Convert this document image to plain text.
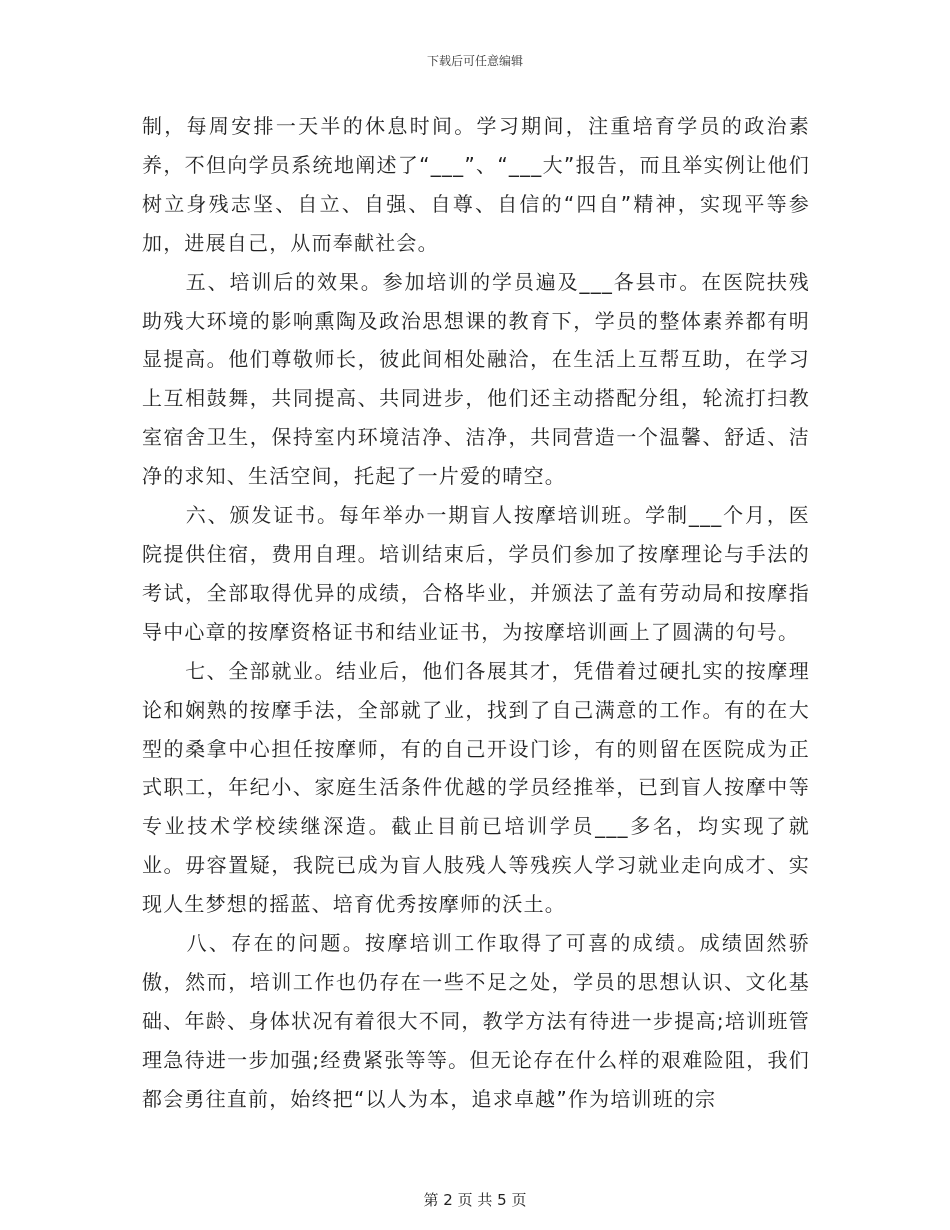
下载后可任意编辑

制，每周安排一天半的休息时间。学习期间，注重培育学员的政治素养，不但向学员系统地阐述了“___”、“___大”报告，而且举实例让他们树立身残志坚、自立、自强、自尊、自信的“四自”精神，实现平等参加，进展自己，从而奉献社会。

　　五、培训后的效果。参加培训的学员遍及___各县市。在医院扶残助残大环境的影响熏陶及政治思想课的教育下，学员的整体素养都有明显提高。他们尊敬师长，彼此间相处融洽，在生活上互帮互助，在学习上互相鼓舞，共同提高、共同进步，他们还主动搭配分组，轮流打扫教室宿舍卫生，保持室内环境洁净、洁净，共同营造一个温馨、舒适、洁净的求知、生活空间，托起了一片爱的晴空。

　　六、颁发证书。每年举办一期盲人按摩培训班。学制___个月，医院提供住宿，费用自理。培训结束后，学员们参加了按摩理论与手法的考试，全部取得优异的成绩，合格毕业，并颁法了盖有劳动局和按摩指导中心章的按摩资格证书和结业证书，为按摩培训画上了圆满的句号。

　　七、全部就业。结业后，他们各展其才，凭借着过硬扎实的按摩理论和娴熟的按摩手法，全部就了业，找到了自己满意的工作。有的在大型的桑拿中心担任按摩师，有的自己开设门诊，有的则留在医院成为正式职工，年纪小、家庭生活条件优越的学员经推举，已到盲人按摩中等专业技术学校续继深造。截止目前已培训学员___多名，均实现了就业。毋容置疑，我院已成为盲人肢残人等残疾人学习就业走向成才、实现人生梦想的摇蓝、培育优秀按摩师的沃土。

　　八、存在的问题。按摩培训工作取得了可喜的成绩。成绩固然骄傲，然而，培训工作也仍存在一些不足之处，学员的思想认识、文化基础、年龄、身体状况有着很大不同，教学方法有待进一步提高;培训班管理急待进一步加强;经费紧张等等。但无论存在什么样的艰难险阻，我们都会勇往直前，始终把“以人为本，追求卓越”作为培训班的宗

第 2 页 共 5 页
